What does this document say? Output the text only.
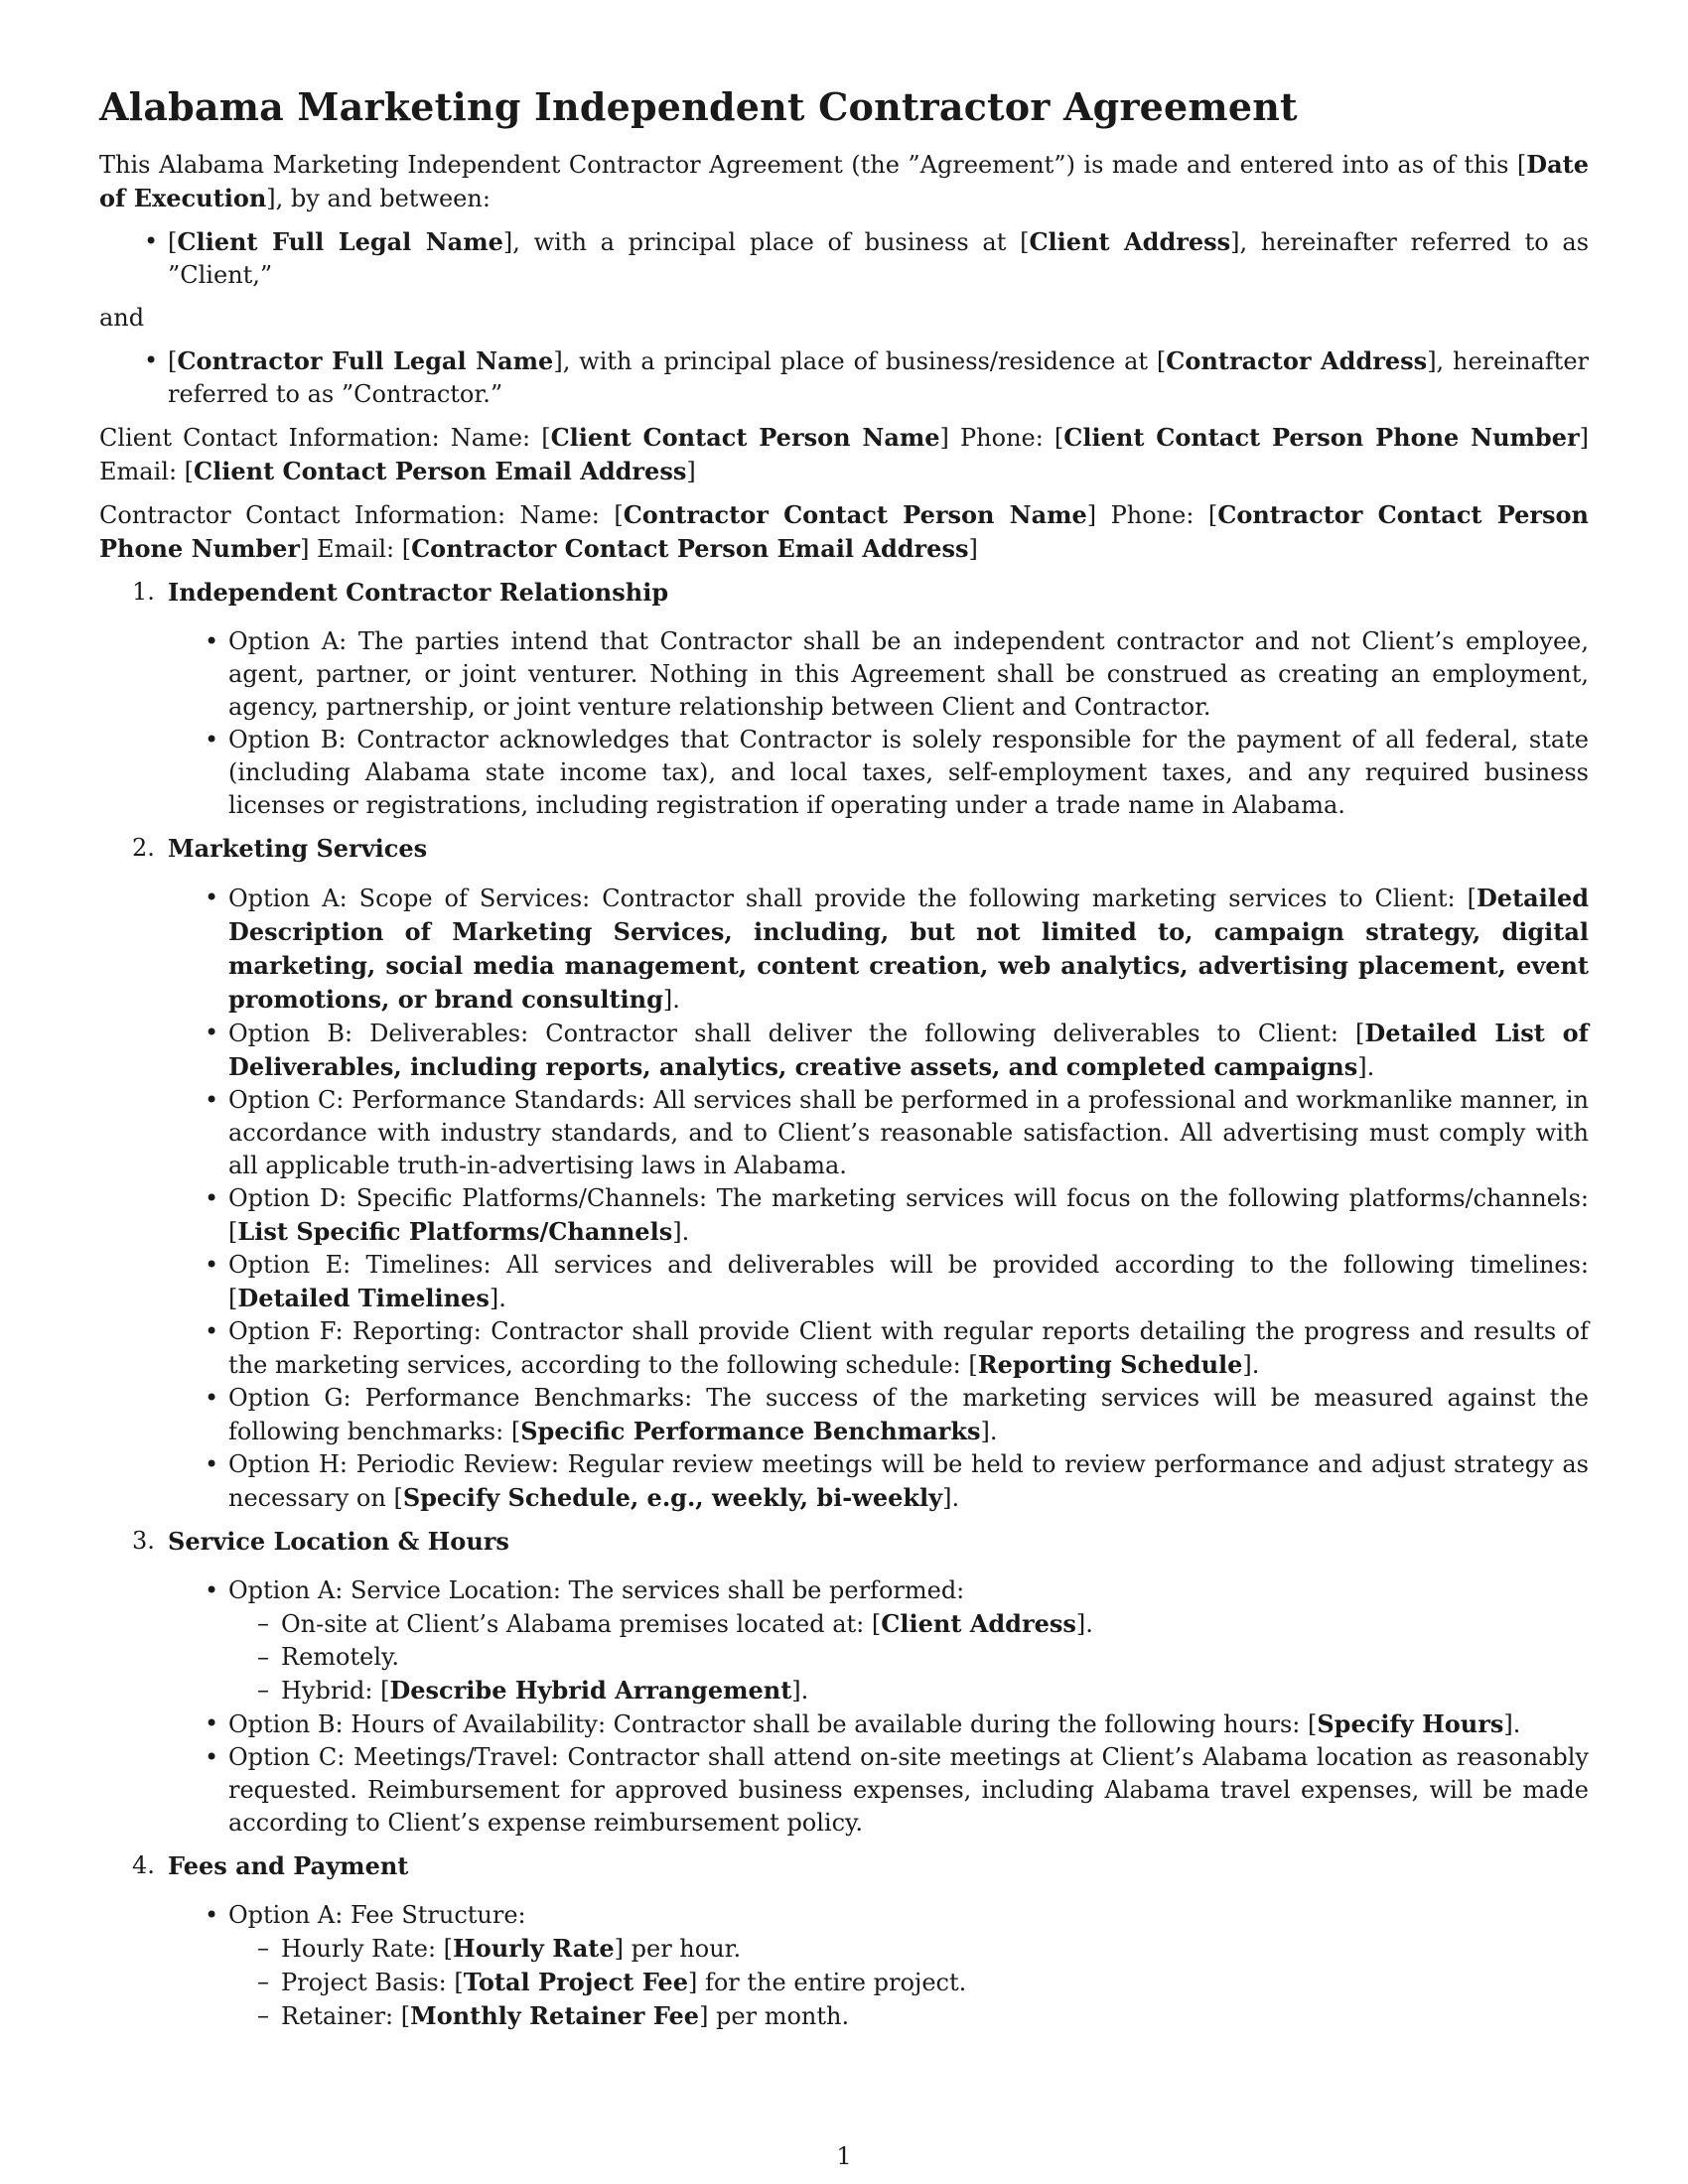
Alabama Marketing Independent Contractor Agreement

This Alabama Marketing Independent Contractor Agreement (the ”Agreement”) is made and entered into as of this [Date of Execution], by and between:

• [Client Full Legal Name], with a principal place of business at [Client Address], hereinafter referred to as ”Client,”
and
• [Contractor Full Legal Name], with a principal place of business/residence at [Contractor Address], hereinafter referred to as ”Contractor.”

Client Contact Information: Name: [Client Contact Person Name] Phone: [Client Contact Person Phone Number] Email: [Client Contact Person Email Address]

Contractor Contact Information: Name: [Contractor Contact Person Name] Phone: [Contractor Contact Person Phone Number] Email: [Contractor Contact Person Email Address]

1. Independent Contractor Relationship
• Option A: The parties intend that Contractor shall be an independent contractor and not Client’s employee, agent, partner, or joint venturer. Nothing in this Agreement shall be construed as creating an employment, agency, partnership, or joint venture relationship between Client and Contractor.
• Option B: Contractor acknowledges that Contractor is solely responsible for the payment of all federal, state (including Alabama state income tax), and local taxes, self-employment taxes, and any required business licenses or registrations, including registration if operating under a trade name in Alabama.
2. Marketing Services
• Option A: Scope of Services: Contractor shall provide the following marketing services to Client: [Detailed Description of Marketing Services, including, but not limited to, campaign strategy, digital marketing, social media management, content creation, web analytics, advertising placement, event promotions, or brand consulting].
• Option B: Deliverables: Contractor shall deliver the following deliverables to Client: [Detailed List of Deliverables, including reports, analytics, creative assets, and completed campaigns].
• Option C: Performance Standards: All services shall be performed in a professional and workmanlike manner, in accordance with industry standards, and to Client’s reasonable satisfaction. All advertising must comply with all applicable truth-in-advertising laws in Alabama.
• Option D: Specific Platforms/Channels: The marketing services will focus on the following platforms/channels: [List Specific Platforms/Channels].
• Option E: Timelines: All services and deliverables will be provided according to the following timelines: [Detailed Timelines].
• Option F: Reporting: Contractor shall provide Client with regular reports detailing the progress and results of the marketing services, according to the following schedule: [Reporting Schedule].
• Option G: Performance Benchmarks: The success of the marketing services will be measured against the following benchmarks: [Specific Performance Benchmarks].
• Option H: Periodic Review: Regular review meetings will be held to review performance and adjust strategy as necessary on [Specify Schedule, e.g., weekly, bi-weekly].
3. Service Location & Hours
• Option A: Service Location: The services shall be performed:
– On-site at Client’s Alabama premises located at: [Client Address].
– Remotely.
– Hybrid: [Describe Hybrid Arrangement].
• Option B: Hours of Availability: Contractor shall be available during the following hours: [Specify Hours].
• Option C: Meetings/Travel: Contractor shall attend on-site meetings at Client’s Alabama location as reasonably requested. Reimbursement for approved business expenses, including Alabama travel expenses, will be made according to Client’s expense reimbursement policy.
4. Fees and Payment
• Option A: Fee Structure:
– Hourly Rate: [Hourly Rate] per hour.
– Project Basis: [Total Project Fee] for the entire project.
– Retainer: [Monthly Retainer Fee] per month.
1
